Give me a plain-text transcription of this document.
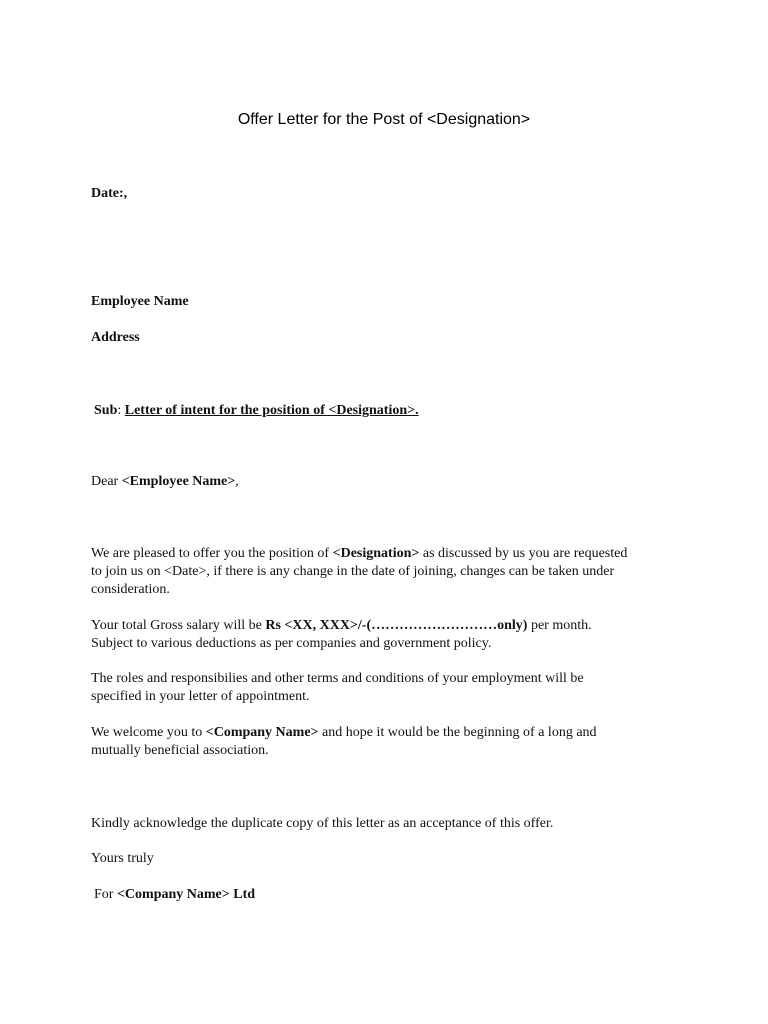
Offer Letter for the Post of <Designation>
Date:,
Employee Name
Address
Sub: Letter of intent for the position of <Designation>.
Dear <Employee Name>,
We are pleased to offer you the position of <Designation> as discussed by us you are requested
to join us on <Date>, if there is any change in the date of joining, changes can be taken under
consideration.
Your total Gross salary will be Rs <XX, XXX>/-(………………………only) per month.
Subject to various deductions as per companies and government policy.
The roles and responsibilies and other terms and conditions of your employment will be
specified in your letter of appointment.
We welcome you to <Company Name> and hope it would be the beginning of a long and
mutually beneficial association.
Kindly acknowledge the duplicate copy of this letter as an acceptance of this offer.
Yours truly
For <Company Name> Ltd
